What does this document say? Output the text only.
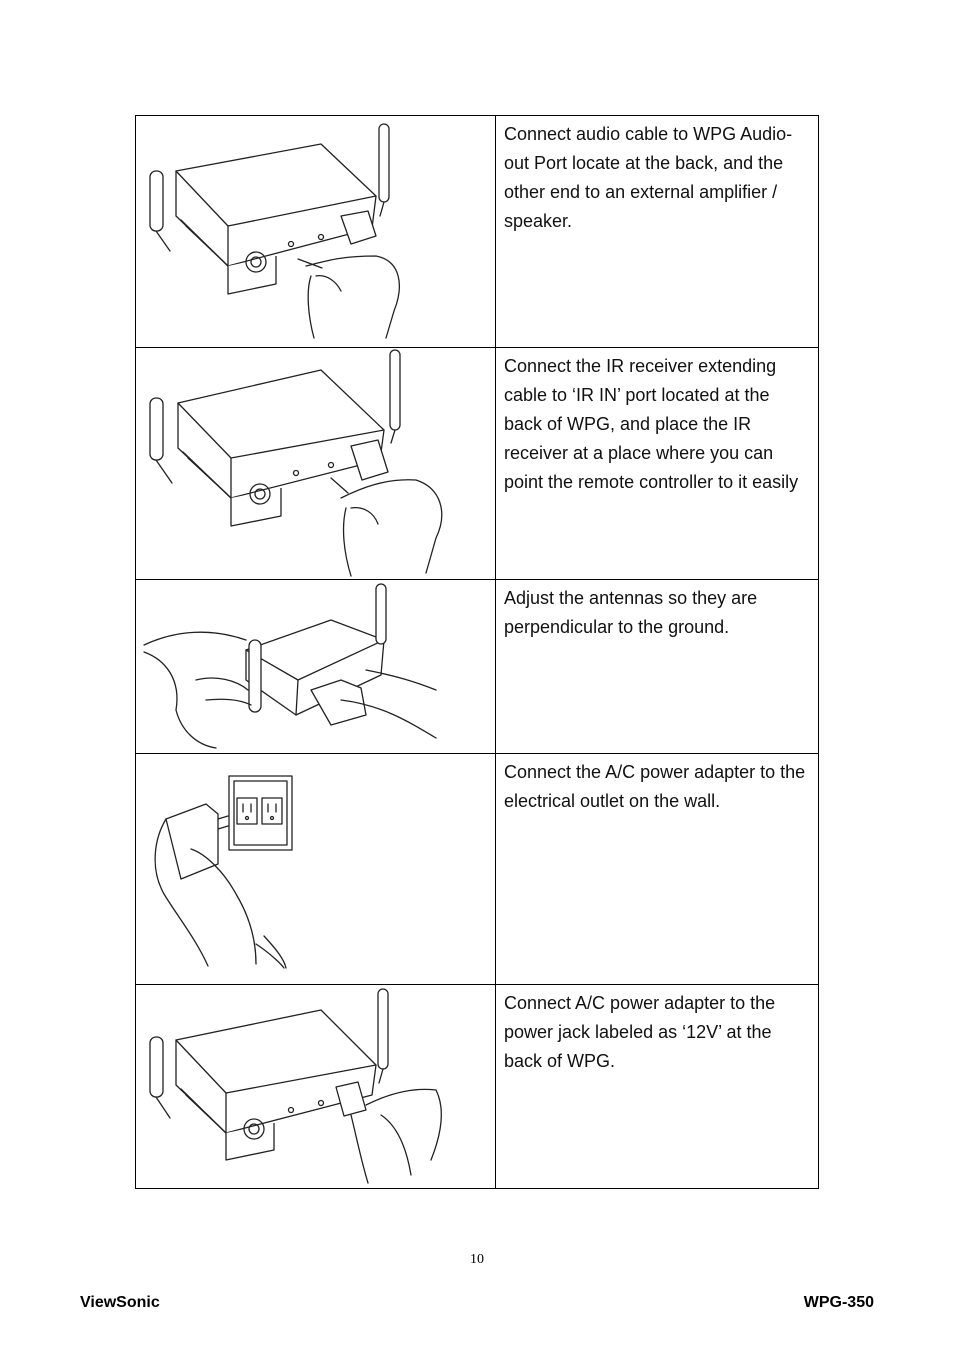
	Connect audio cable to WPG Audio-out Port locate at the back, and the other end to an external amplifier / speaker.

	Connect the IR receiver extending cable to ‘IR IN’ port located at the back of WPG, and place the IR receiver at a place where you can point the remote controller to it easily

	Adjust the antennas so they are perpendicular to the ground.

	Connect the A/C power adapter to the electrical outlet on the wall.

	Connect A/C power adapter to the power jack labeled as ‘12V’ at the back of WPG.
10
ViewSonic	WPG-350
